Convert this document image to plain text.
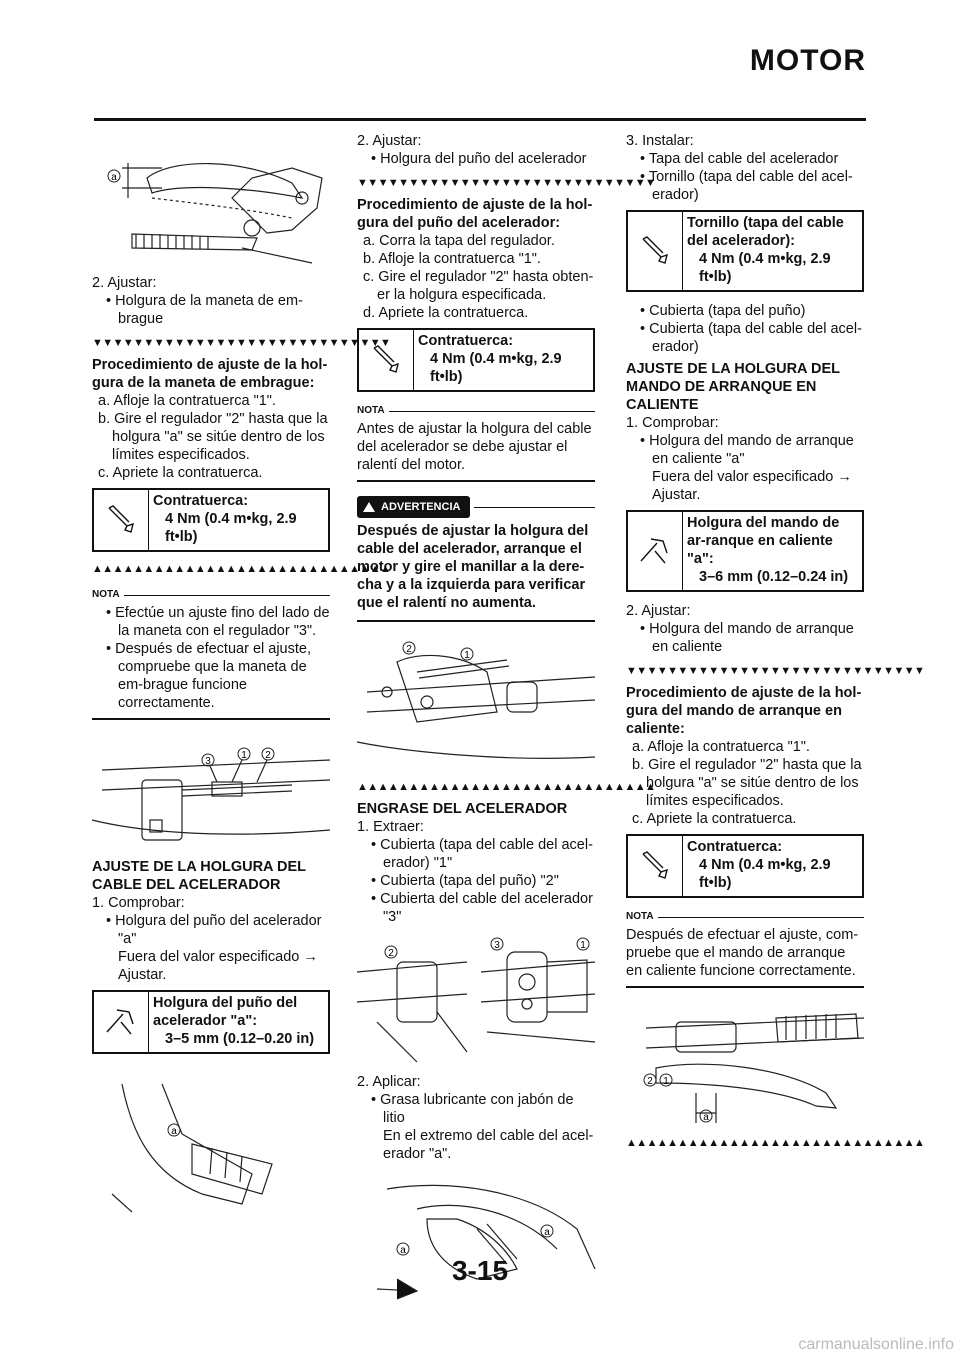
MOTOR
a

2. Ajustar:

• Holgura de la maneta de em-

brague

▼▼▼▼▼▼▼▼▼▼▼▼▼▼▼▼▼▼▼▼▼▼▼▼▼▼▼▼▼

Procedimiento de ajuste de la hol-gura de la maneta de embrague:

a. Afloje la contratuerca "1".

b. Gire el regulador "2" hasta que la holgura "a" se sitúe dentro de los límites especificados.

c. Apriete la contratuerca.

Contratuerca:
4 Nm (0.4 m•kg, 2.9 ft•lb)
▲▲▲▲▲▲▲▲▲▲▲▲▲▲▲▲▲▲▲▲▲▲▲▲▲▲▲▲▲
NOTA

• Efectúe un ajuste fino del lado de la maneta con el regulador "3".

• Después de efectuar el ajuste, compruebe que la maneta de em-brague funcione correctamente.

3
1 2

AJUSTE DE LA HOLGURA DEL CABLE DEL ACELERADOR

1. Comprobar:

• Holgura del puño del acelerador "a"

Fuera del valor especificado → Ajustar.

Holgura del puño del acelerador "a":
3–5 mm (0.12–0.20 in)
a

2. Ajustar:

• Holgura del puño del acelerador

▼▼▼▼▼▼▼▼▼▼▼▼▼▼▼▼▼▼▼▼▼▼▼▼▼▼▼▼▼

Procedimiento de ajuste de la hol-gura del puño del acelerador:

a. Corra la tapa del regulador.

b. Afloje la contratuerca "1".

c. Gire el regulador "2" hasta obten-er la holgura especificada.

d. Apriete la contratuerca.

Contratuerca:
4 Nm (0.4 m•kg, 2.9 ft•lb)
NOTA

Antes de ajustar la holgura del cable del acelerador se debe ajustar el ralentí del motor.

ADVERTENCIA

Después de ajustar la holgura del cable del acelerador, arranque el motor y gire el manillar a la dere-cha y a la izquierda para verificar que el ralentí no aumenta.

2
1
▲▲▲▲▲▲▲▲▲▲▲▲▲▲▲▲▲▲▲▲▲▲▲▲▲▲▲▲▲

ENGRASE DEL ACELERADOR

1. Extraer:

• Cubierta (tapa del cable del acel-erador) "1"

• Cubierta (tapa del puño) "2"

• Cubierta del cable del acelerador "3"

2
3	1

2. Aplicar:

• Grasa lubricante con jabón de litio

En el extremo del cable del acel-erador "a".

a
a

3. Instalar:

• Tapa del cable del acelerador

• Tornillo (tapa del cable del acel-erador)

Tornillo (tapa del cable del acelerador):
4 Nm (0.4 m•kg, 2.9 ft•lb)

• Cubierta (tapa del puño)

• Cubierta (tapa del cable del acel-erador)

AJUSTE DE LA HOLGURA DEL MANDO DE ARRANQUE EN CALIENTE

1. Comprobar:

• Holgura del mando de arranque en caliente "a"

Fuera del valor especificado → Ajustar.

Holgura del mando de ar-ranque en caliente "a":
3–6 mm (0.12–0.24 in)

2. Ajustar:

• Holgura del mando de arranque en caliente

▼▼▼▼▼▼▼▼▼▼▼▼▼▼▼▼▼▼▼▼▼▼▼▼▼▼▼▼▼

Procedimiento de ajuste de la hol-gura del mando de arranque en caliente:

a. Afloje la contratuerca "1".

b. Gire el regulador "2" hasta que la holgura "a" se sitúe dentro de los límites especificados.

c. Apriete la contratuerca.

Contratuerca:
4 Nm (0.4 m•kg, 2.9 ft•lb)
NOTA

Después de efectuar el ajuste, com-pruebe que el mando de arranque en caliente funcione correctamente.

2 1
a
▲▲▲▲▲▲▲▲▲▲▲▲▲▲▲▲▲▲▲▲▲▲▲▲▲▲▲▲▲
3-15
carmanualsonline.info
